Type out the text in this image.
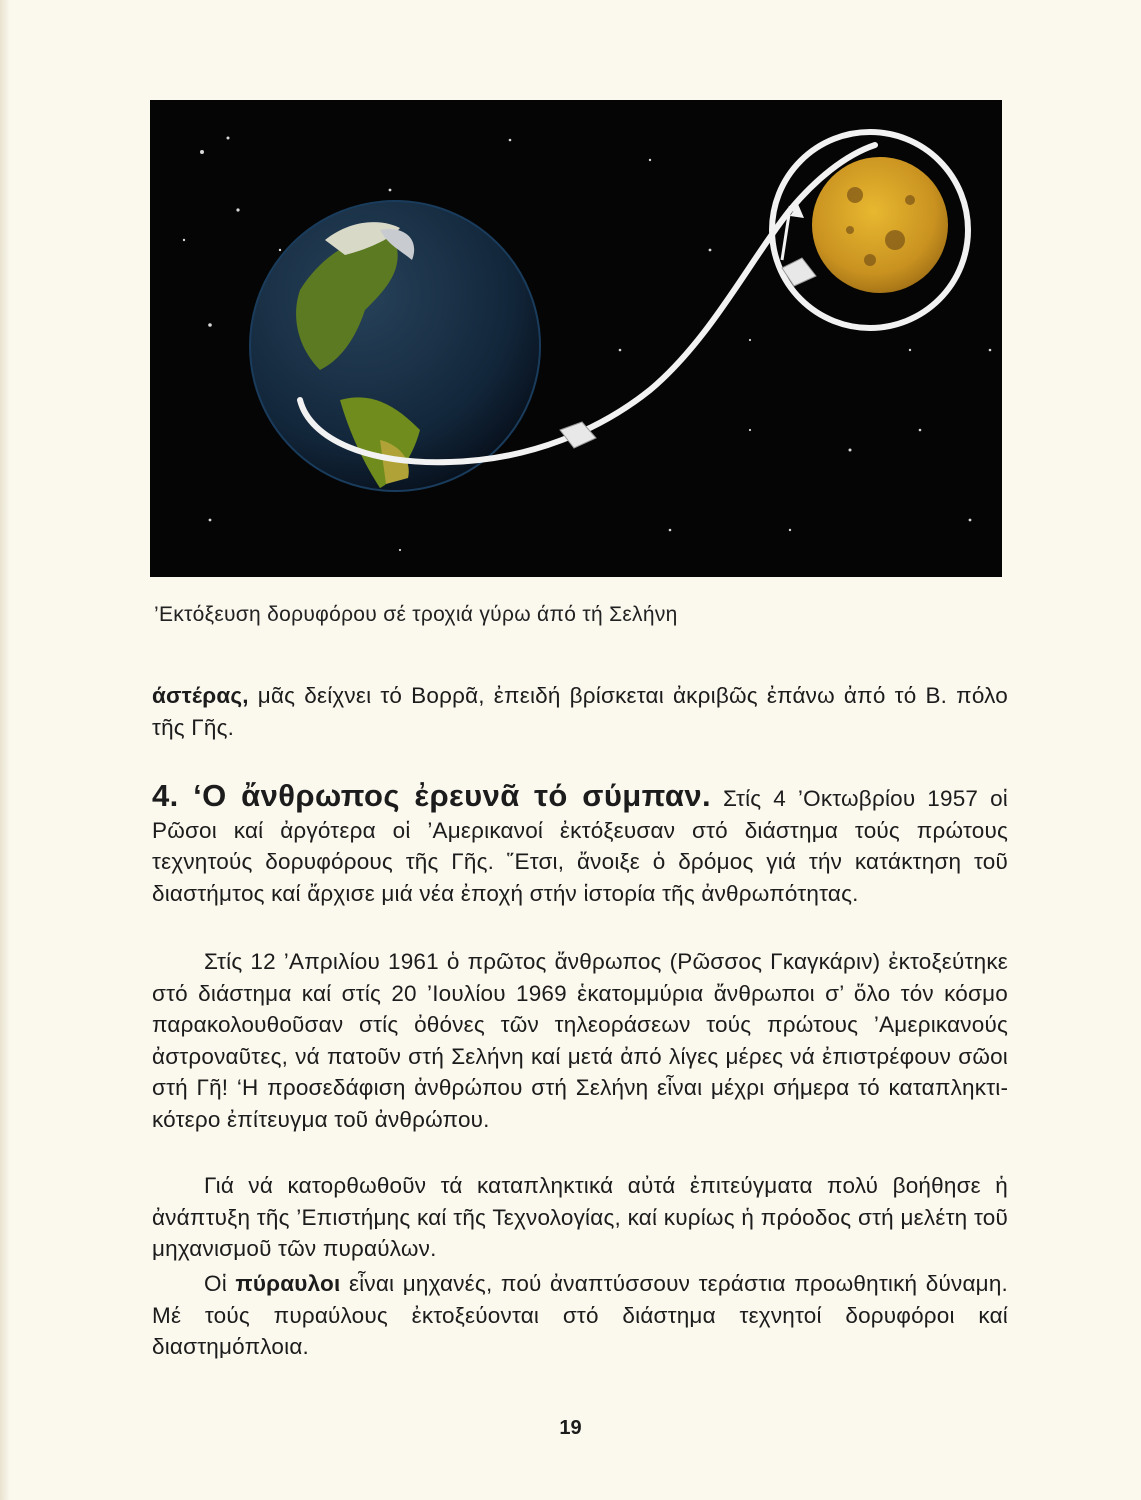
’Εκτόξευση δορυφόρου σέ τροχιά γύρω άπό τή Σελήνη

άστέρας, μᾶς δείχνει τό Βορρᾶ, ἐπειδή βρίσκεται ἀκριβῶς ἐπάνω ἀπό τό Β. πόλο τῆς Γῆς.

4. ‘Ο ἄνθρωπος ἐρευνᾶ τό σύμπαν. Στίς 4 ’Οκτωβρίου 1957 οἱ Ρῶσοι καί ἀργότερα οἱ ’Αμερικανοί ἐκτόξευσαν στό διάστημα τούς πρώτους τεχνητούς δορυφόρους τῆς Γῆς. ῞Ετσι, ἄνοιξε ὁ δρόμος γιά τήν κατάκτηση τοῦ διαστήμτος καί ἄρχισε μιά νέα ἐποχή στήν ἱστορία τῆς ἀνθρωπότητας.

Στίς 12 ’Απριλίου 1961 ὁ πρῶτος ἄνθρωπος (Ρῶσσος Γκαγκάριν) ἐκτοξεύτηκε στό διάστημα καί στίς 20 ’Ιουλίου 1969 ἑκατομμύρια ἄνθρωποι σ’ ὅλο τόν κόσμο παρακολουθοῦσαν στίς ὀθόνες τῶν τηλεοράσεων τούς πρώτους ’Αμερικανούς ἀστροναῦτες, νά πατοῦν στή Σελήνη καί μετά ἀπό λίγες μέρες νά ἐπιστρέφουν σῶοι στή Γῆ! ‘Η προσεδάφιση ἀνθρώπου στή Σελήνη εἶναι μέχρι σήμερα τό καταπληκτικότερο ἐπίτευγμα τοῦ ἀνθρώπου.

Γιά νά κατορθωθοῦν τά καταπληκτικά αὐτά ἐπιτεύγματα πολύ βοήθησε ἡ ἀνάπτυξη τῆς ’Επιστήμης καί τῆς Τεχνολογίας, καί κυρίως ἡ πρόοδος στή μελέτη τοῦ μηχανισμοῦ τῶν πυραύλων.

Οἱ πύραυλοι εἶναι μηχανές, πού ἀναπτύσσουν τεράστια προωθητική δύναμη. Μέ τούς πυραύλους ἐκτοξεύονται στό διάστημα τεχνητοί δορυφόροι καί διαστημόπλοια.

19
